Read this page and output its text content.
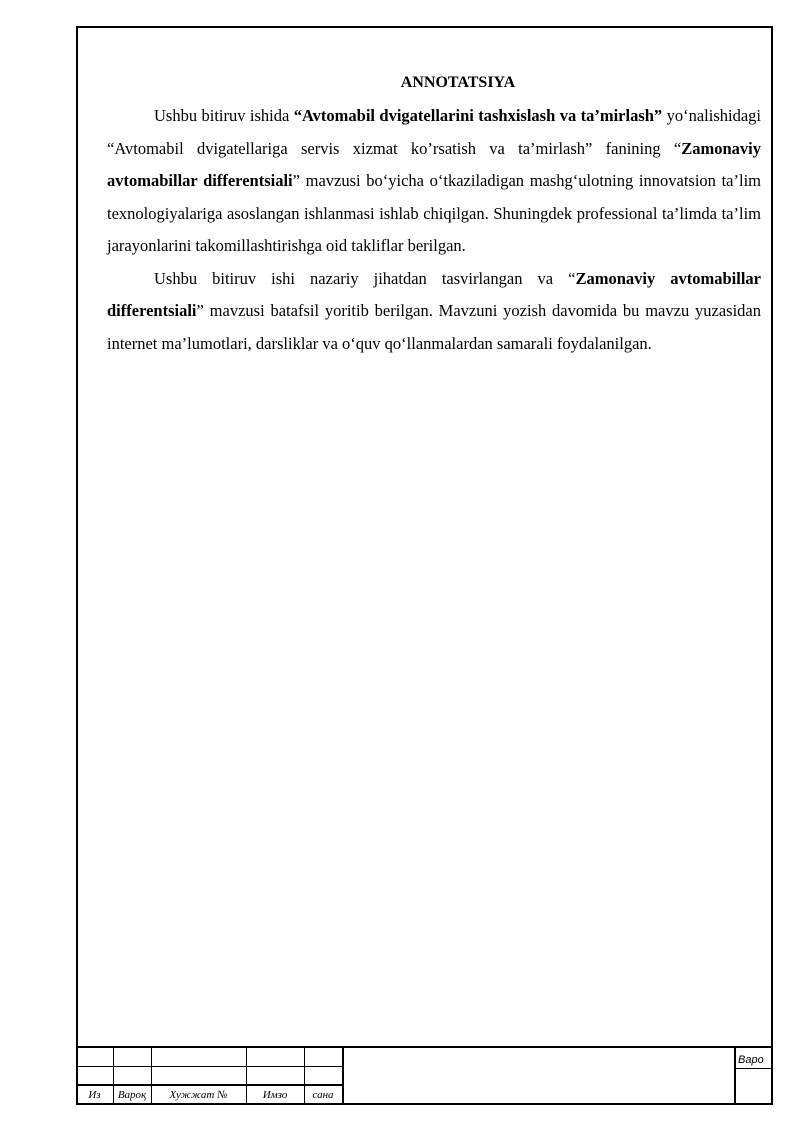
ANNOTATSIYA

Ushbu bitiruv ishida “Avtomabil dvigatellarini tashxislash va ta’mirlash” yo‘nalishidagi “Avtomabil dvigatellariga servis xizmat ko’rsatish va ta’mirlash” fanining “Zamonaviy avtomabillar differentsiali” mavzusi bo‘yicha o‘tkaziladigan mashg‘ulotning innovatsion ta’lim texnologiyalariga asoslangan ishlanmasi ishlab chiqilgan. Shuningdek professional ta’limda ta’lim jarayonlarini takomillashtirishga oid takliflar berilgan.

Ushbu bitiruv ishi nazariy jihatdan tasvirlangan va “Zamonaviy avtomabillar differentsiali” mavzusi batafsil yoritib berilgan. Mavzuni yozish davomida bu mavzu yuzasidan internet ma’lumotlari, darsliklar va o‘quv qo‘llanmalardan samarali foydalanilgan.

Из	Вароқ	Хужжат №	Имзо	сана
Варо
